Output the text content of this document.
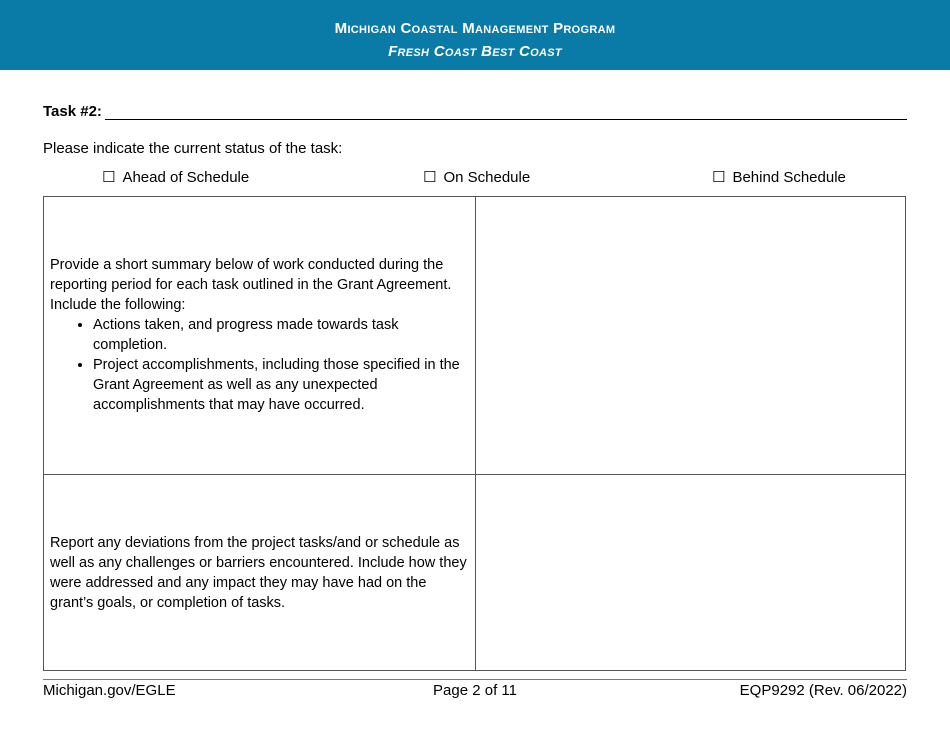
Michigan Coastal Management Program
Fresh Coast Best Coast
Task #2:
Please indicate the current status of the task:
☐ Ahead of Schedule	☐ On Schedule	☐ Behind Schedule

Provide a short summary below of work conducted during the reporting period for each task outlined in the Grant Agreement. Include the following:

• Actions taken, and progress made towards task completion.
• Project accomplishments, including those specified in the Grant Agreement as well as any unexpected accomplishments that may have occurred.

Report any deviations from the project tasks/and or schedule as well as any challenges or barriers encountered. Include how they were addressed and any impact they may have had on the grant’s goals, or completion of tasks.

Michigan.gov/EGLE	Page 2 of 11	EQP9292 (Rev. 06/2022)
